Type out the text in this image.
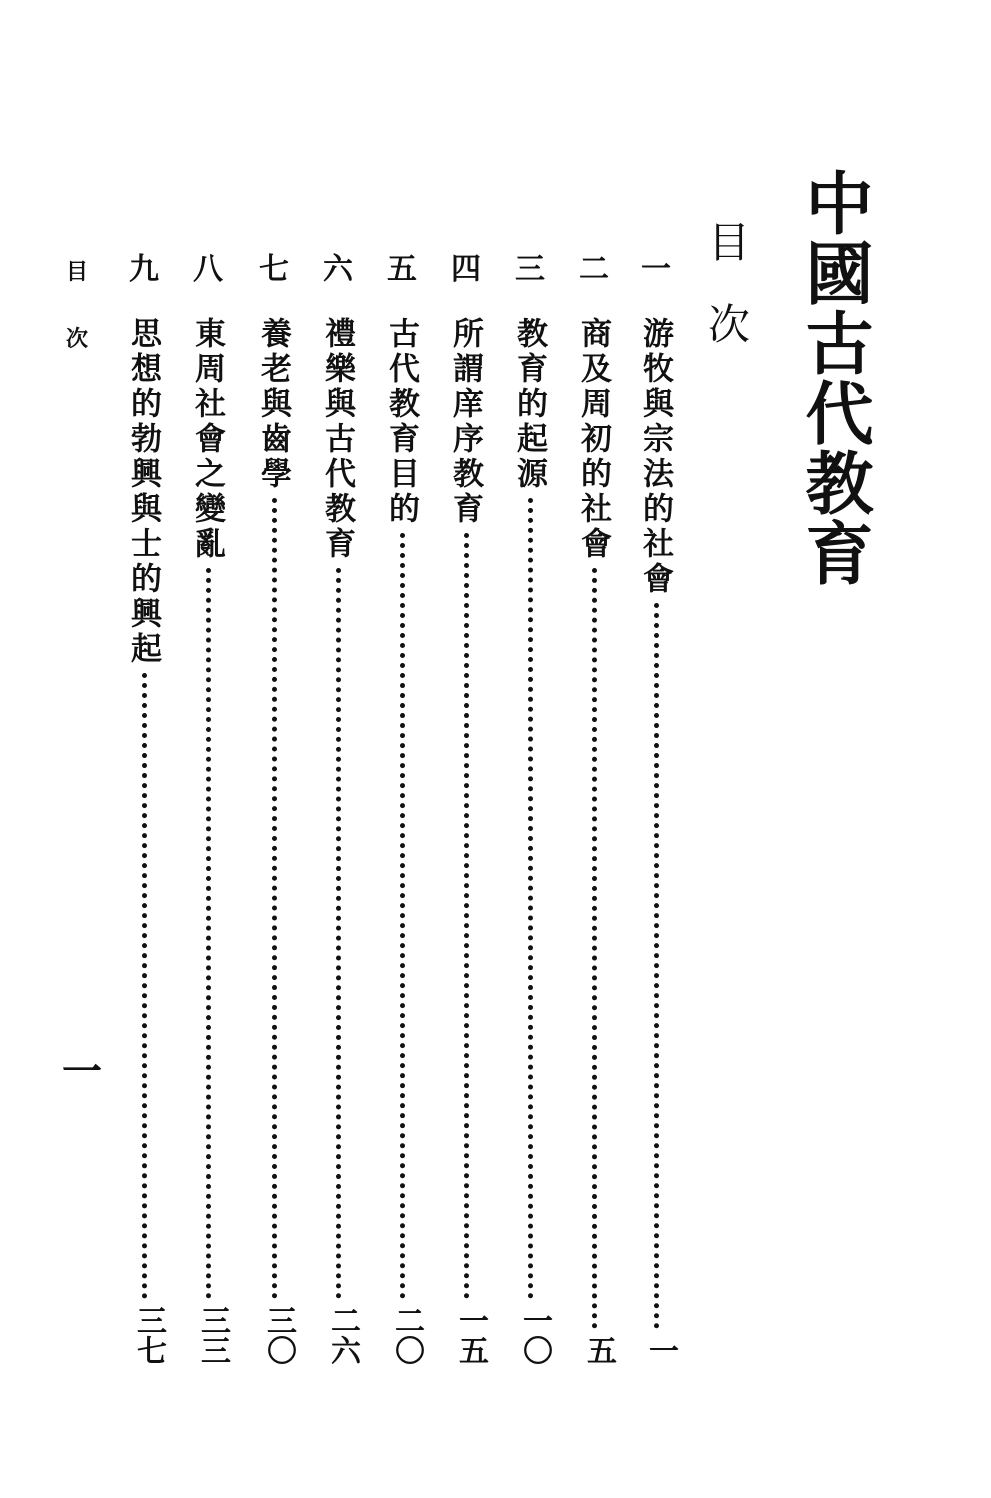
中國古代教育
目次
一
游牧與宗法的社會
一
二
商及周初的社會
五
三
教育的起源
一〇
四
所謂庠序教育
一五
五
古代教育目的
二〇
六
禮樂與古代教育
二六
七
養老與齒學
三〇
八
東周社會之變亂
三三
九
思想的勃興與士的興起
三七
目
次
一
